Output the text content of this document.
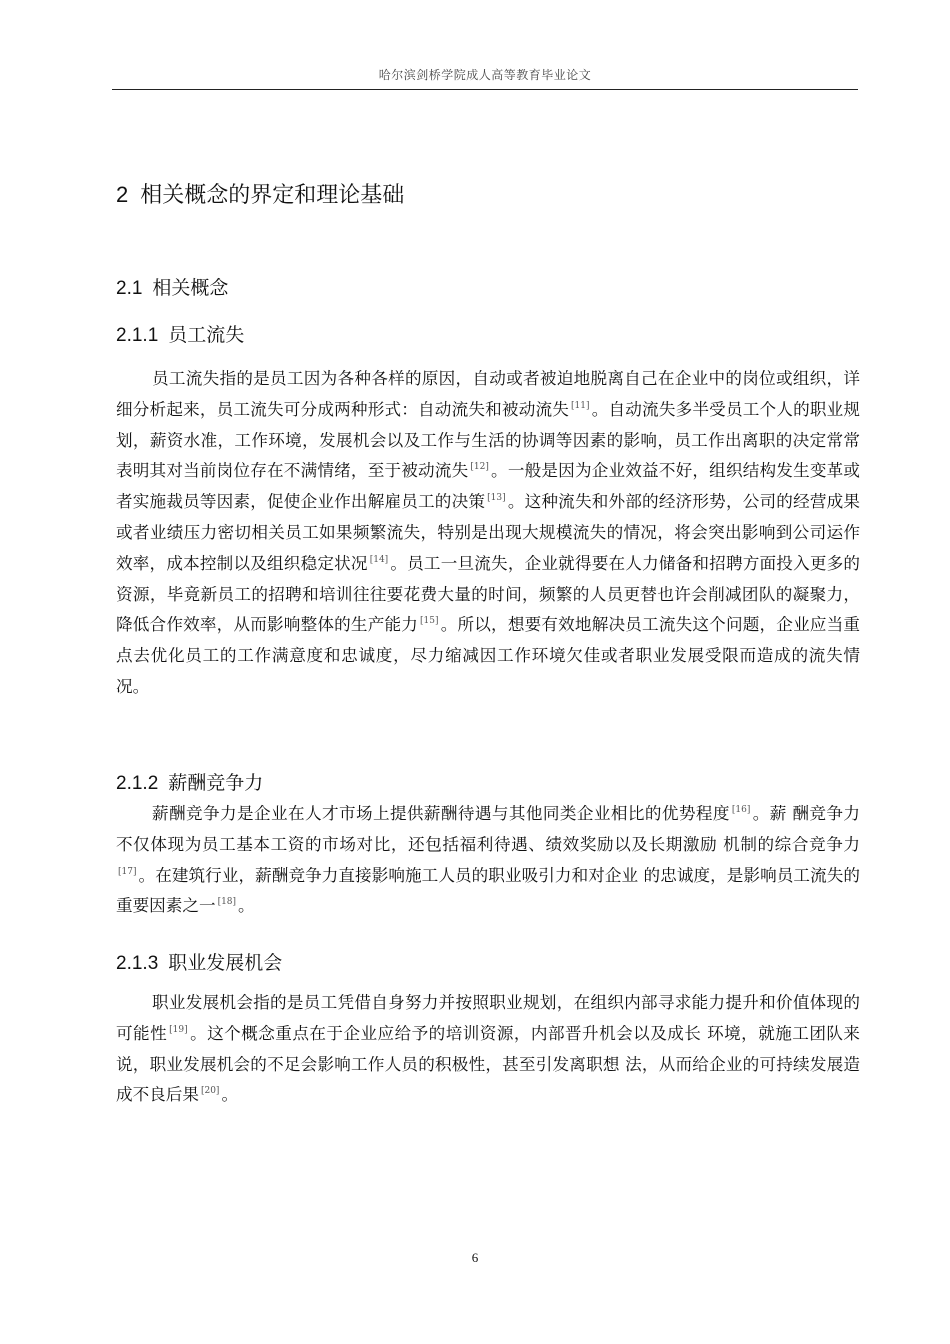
哈尔滨剑桥学院成人高等教育毕业论文
2 相关概念的界定和理论基础
2.1 相关概念
2.1.1 员工流失

员工流失指的是员工因为各种各样的原因，自动或者被迫地脱离自己在企业中的岗位或组织，详细分析起来，员工流失可分成两种形式：自动流失和被动流失 [11] 。自动流失多半受员工个人的职业规划，薪资水准，工作环境，发展机会以及工作与生活的协调等因素的影响，员工作出离职的决定常常表明其对当前岗位存在不满情绪，至于被动流失 [12] 。一般是因为企业效益不好，组织结构发生变革或者实施裁员等因素，促使企业作出解雇员工的决策 [13] 。这种流失和外部的经济形势，公司的经营成果或者业绩压力密切相关员工如果频繁流失，特别是出现大规模流失的情况，将会突出影响到公司运作效率，成本控制以及组织稳定状况 [14] 。员工一旦流失，企业就得要在人力储备和招聘方面投入更多的资源，毕竟新员工的招聘和培训往往要花费大量的时间，频繁的人员更替也许会削减团队的凝聚力，降低合作效率，从而影响整体的生产能力 [15] 。所以，想要有效地解决员工流失这个问题，企业应当重点去优化员工的工作满意度和忠诚度，尽力缩减因工作环境欠佳或者职业发展受限而造成的流失情况。

2.1.2 薪酬竞争力

薪酬竞争力是企业在人才市场上提供薪酬待遇与其他同类企业相比的优势程度 [16] 。薪 酬竞争力不仅体现为员工基本工资的市场对比，还包括福利待遇、绩效奖励以及长期激励 机制的综合竞争力[17] 。在建筑行业，薪酬竞争力直接影响施工人员的职业吸引力和对企业 的忠诚度，是影响员工流失的重要因素之一 [18] 。

2.1.3 职业发展机会

职业发展机会指的是员工凭借自身努力并按照职业规划，在组织内部寻求能力提升和价值体现的可能性 [19] 。这个概念重点在于企业应给予的培训资源，内部晋升机会以及成长 环境，就施工团队来说，职业发展机会的不足会影响工作人员的积极性，甚至引发离职想 法，从而给企业的可持续发展造成不良后果 [20] 。

6
